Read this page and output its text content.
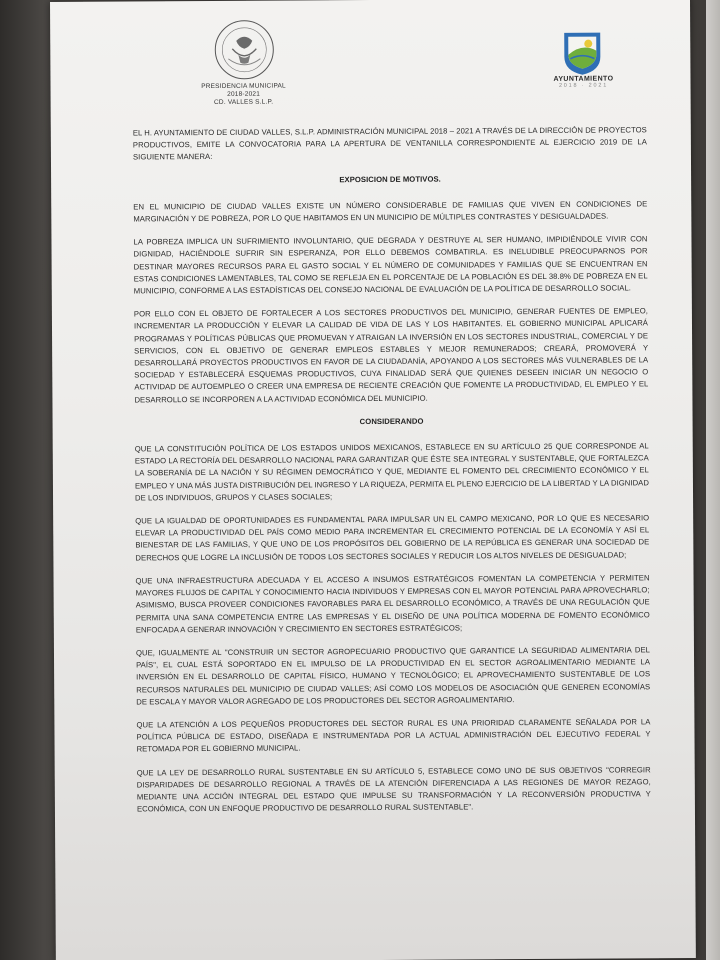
PRESIDENCIA MUNICIPAL
2018-2021
CD. VALLES S.L.P.
AYUNTAMIENTO
2018 · 2021

EL H. AYUNTAMIENTO DE CIUDAD VALLES, S.L.P. ADMINISTRACIÓN MUNICIPAL 2018 – 2021 A TRAVÉS DE LA DIRECCIÓN DE PROYECTOS PRODUCTIVOS, EMITE LA CONVOCATORIA PARA LA APERTURA DE VENTANILLA CORRESPONDIENTE AL EJERCICIO 2019 DE LA SIGUIENTE MANERA:

EXPOSICION DE MOTIVOS.

EN EL MUNICIPIO DE CIUDAD VALLES EXISTE UN NÚMERO CONSIDERABLE DE FAMILIAS QUE VIVEN EN CONDICIONES DE MARGINACIÓN Y DE POBREZA, POR LO QUE HABITAMOS EN UN MUNICIPIO DE MÚLTIPLES CONTRASTES Y DESIGUALDADES.

LA POBREZA IMPLICA UN SUFRIMIENTO INVOLUNTARIO, QUE DEGRADA Y DESTRUYE AL SER HUMANO, IMPIDIÉNDOLE VIVIR CON DIGNIDAD, HACIÉNDOLE SUFRIR SIN ESPERANZA, POR ELLO DEBEMOS COMBATIRLA. ES INELUDIBLE PREOCUPARNOS POR DESTINAR MAYORES RECURSOS PARA EL GASTO SOCIAL Y EL NÚMERO DE COMUNIDADES Y FAMILIAS QUE SE ENCUENTRAN EN ESTAS CONDICIONES LAMENTABLES, TAL COMO SE REFLEJA EN EL PORCENTAJE DE LA POBLACIÓN ES DEL 38.8% DE POBREZA EN EL MUNICIPIO, CONFORME A LAS ESTADÍSTICAS DEL CONSEJO NACIONAL DE EVALUACIÓN DE LA POLÍTICA DE DESARROLLO SOCIAL.

POR ELLO CON EL OBJETO DE FORTALECER A LOS SECTORES PRODUCTIVOS DEL MUNICIPIO, GENERAR FUENTES DE EMPLEO, INCREMENTAR LA PRODUCCIÓN Y ELEVAR LA CALIDAD DE VIDA DE LAS Y LOS HABITANTES. EL GOBIERNO MUNICIPAL APLICARÁ PROGRAMAS Y POLÍTICAS PÚBLICAS QUE PROMUEVAN Y ATRAIGAN LA INVERSIÓN EN LOS SECTORES INDUSTRIAL, COMERCIAL Y DE SERVICIOS, CON EL OBJETIVO DE GENERAR EMPLEOS ESTABLES Y MEJOR REMUNERADOS; CREARÁ, PROMOVERÁ Y DESARROLLARÁ PROYECTOS PRODUCTIVOS EN FAVOR DE LA CIUDADANÍA, APOYANDO A LOS SECTORES MÁS VULNERABLES DE LA SOCIEDAD Y ESTABLECERÁ ESQUEMAS PRODUCTIVOS, CUYA FINALIDAD SERÁ QUE QUIENES DESEEN INICIAR UN NEGOCIO O ACTIVIDAD DE AUTOEMPLEO O CREER UNA EMPRESA DE RECIENTE CREACIÓN QUE FOMENTE LA PRODUCTIVIDAD, EL EMPLEO Y EL DESARROLLO SE INCORPOREN A LA ACTIVIDAD ECONÓMICA DEL MUNICIPIO.

CONSIDERANDO

QUE LA CONSTITUCIÓN POLÍTICA DE LOS ESTADOS UNIDOS MEXICANOS, ESTABLECE EN SU ARTÍCULO 25 QUE CORRESPONDE AL ESTADO LA RECTORÍA DEL DESARROLLO NACIONAL PARA GARANTIZAR QUE ÉSTE SEA INTEGRAL Y SUSTENTABLE, QUE FORTALEZCA LA SOBERANÍA DE LA NACIÓN Y SU RÉGIMEN DEMOCRÁTICO Y QUE, MEDIANTE EL FOMENTO DEL CRECIMIENTO ECONÓMICO Y EL EMPLEO Y UNA MÁS JUSTA DISTRIBUCIÓN DEL INGRESO Y LA RIQUEZA, PERMITA EL PLENO EJERCICIO DE LA LIBERTAD Y LA DIGNIDAD DE LOS INDIVIDUOS, GRUPOS Y CLASES SOCIALES;

QUE LA IGUALDAD DE OPORTUNIDADES ES FUNDAMENTAL PARA IMPULSAR UN EL CAMPO MEXICANO, POR LO QUE ES NECESARIO ELEVAR LA PRODUCTIVIDAD DEL PAÍS COMO MEDIO PARA INCREMENTAR EL CRECIMIENTO POTENCIAL DE LA ECONOMÍA Y ASÍ EL BIENESTAR DE LAS FAMILIAS, Y QUE UNO DE LOS PROPÓSITOS DEL GOBIERNO DE LA REPÚBLICA ES GENERAR UNA SOCIEDAD DE DERECHOS QUE LOGRE LA INCLUSIÓN DE TODOS LOS SECTORES SOCIALES Y REDUCIR LOS ALTOS NIVELES DE DESIGUALDAD;

QUE UNA INFRAESTRUCTURA ADECUADA Y EL ACCESO A INSUMOS ESTRATÉGICOS FOMENTAN LA COMPETENCIA Y PERMITEN MAYORES FLUJOS DE CAPITAL Y CONOCIMIENTO HACIA INDIVIDUOS Y EMPRESAS CON EL MAYOR POTENCIAL PARA APROVECHARLO; ASIMISMO, BUSCA PROVEER CONDICIONES FAVORABLES PARA EL DESARROLLO ECONÓMICO, A TRAVÉS DE UNA REGULACIÓN QUE PERMITA UNA SANA COMPETENCIA ENTRE LAS EMPRESAS Y EL DISEÑO DE UNA POLÍTICA MODERNA DE FOMENTO ECONÓMICO ENFOCADA A GENERAR INNOVACIÓN Y CRECIMIENTO EN SECTORES ESTRATÉGICOS;

QUE, IGUALMENTE AL "CONSTRUIR UN SECTOR AGROPECUARIO PRODUCTIVO QUE GARANTICE LA SEGURIDAD ALIMENTARIA DEL PAÍS", EL CUAL ESTÁ SOPORTADO EN EL IMPULSO DE LA PRODUCTIVIDAD EN EL SECTOR AGROALIMENTARIO MEDIANTE LA INVERSIÓN EN EL DESARROLLO DE CAPITAL FÍSICO, HUMANO Y TECNOLÓGICO; EL APROVECHAMIENTO SUSTENTABLE DE LOS RECURSOS NATURALES DEL MUNICIPIO DE CIUDAD VALLES; ASÍ COMO LOS MODELOS DE ASOCIACIÓN QUE GENEREN ECONOMÍAS DE ESCALA Y MAYOR VALOR AGREGADO DE LOS PRODUCTORES DEL SECTOR AGROALIMENTARIO.

QUE LA ATENCIÓN A LOS PEQUEÑOS PRODUCTORES DEL SECTOR RURAL ES UNA PRIORIDAD CLARAMENTE SEÑALADA POR LA POLÍTICA PÚBLICA DE ESTADO, DISEÑADA E INSTRUMENTADA POR LA ACTUAL ADMINISTRACIÓN DEL EJECUTIVO FEDERAL Y RETOMADA POR EL GOBIERNO MUNICIPAL.

QUE LA LEY DE DESARROLLO RURAL SUSTENTABLE EN SU ARTÍCULO 5, ESTABLECE COMO UNO DE SUS OBJETIVOS "CORREGIR DISPARIDADES DE DESARROLLO REGIONAL A TRAVÉS DE LA ATENCIÓN DIFERENCIADA A LAS REGIONES DE MAYOR REZAGO, MEDIANTE UNA ACCIÓN INTEGRAL DEL ESTADO QUE IMPULSE SU TRANSFORMACIÓN Y LA RECONVERSIÓN PRODUCTIVA Y ECONÓMICA, CON UN ENFOQUE PRODUCTIVO DE DESARROLLO RURAL SUSTENTABLE".
